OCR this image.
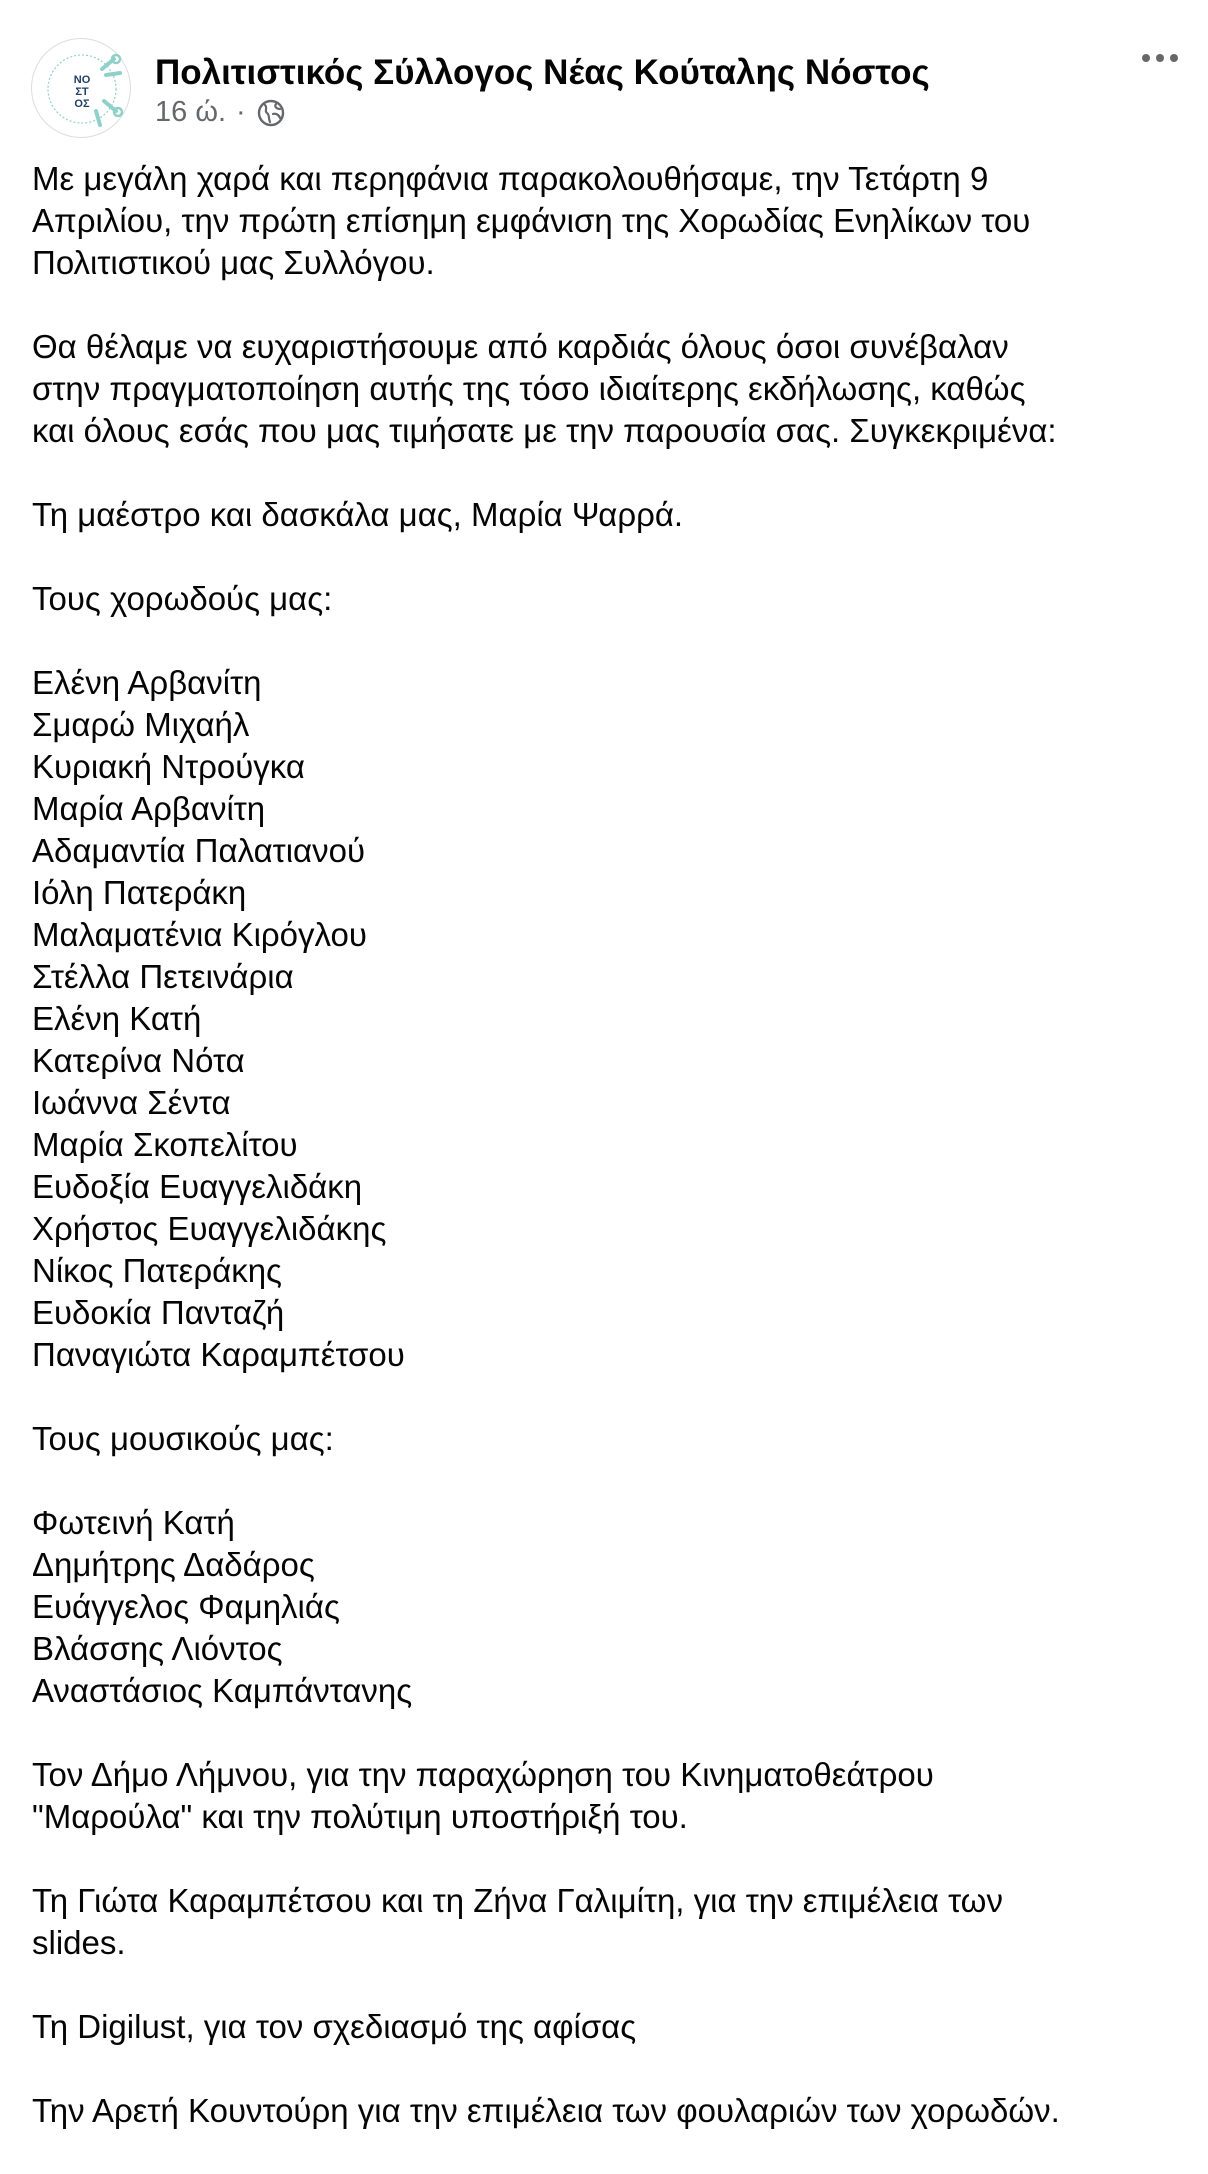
ΝΟ
ΣΤ
ΟΣ
Πολιτιστικός Σύλλογος Νέας Κούταλης Νόστος
16 ώ. ·

Με μεγάλη χαρά και περηφάνια παρακολουθήσαμε, την Τετάρτη 9
Απριλίου, την πρώτη επίσημη εμφάνιση της Χορωδίας Ενηλίκων του
Πολιτιστικού μας Συλλόγου.

Θα θέλαμε να ευχαριστήσουμε από καρδιάς όλους όσοι συνέβαλαν
στην πραγματοποίηση αυτής της τόσο ιδιαίτερης εκδήλωσης, καθώς
και όλους εσάς που μας τιμήσατε με την παρουσία σας. Συγκεκριμένα:

Τη μαέστρο και δασκάλα μας, Μαρία Ψαρρά.

Τους χορωδούς μας:

Ελένη Αρβανίτη
Σμαρώ Μιχαήλ
Κυριακή Ντρούγκα
Μαρία Αρβανίτη
Αδαμαντία Παλατιανού
Ιόλη Πατεράκη
Μαλαματένια Κιρόγλου
Στέλλα Πετεινάρια
Ελένη Κατή
Κατερίνα Νότα
Ιωάννα Σέντα
Μαρία Σκοπελίτου
Ευδοξία Ευαγγελιδάκη
Χρήστος Ευαγγελιδάκης
Νίκος Πατεράκης
Ευδοκία Πανταζή
Παναγιώτα Καραμπέτσου

Τους μουσικούς μας:

Φωτεινή Κατή
Δημήτρης Δαδάρος
Ευάγγελος Φαμηλιάς
Βλάσσης Λιόντος
Αναστάσιος Καμπάντανης

Τον Δήμο Λήμνου, για την παραχώρηση του Κινηματοθεάτρου
"Μαρούλα" και την πολύτιμη υποστήριξή του.

Τη Γιώτα Καραμπέτσου και τη Ζήνα Γαλιμίτη, για την επιμέλεια των
slides.

Τη Digilust, για τον σχεδιασμό της αφίσας

Την Αρετή Κουντούρη για την επιμέλεια των φουλαριών των χορωδών.
